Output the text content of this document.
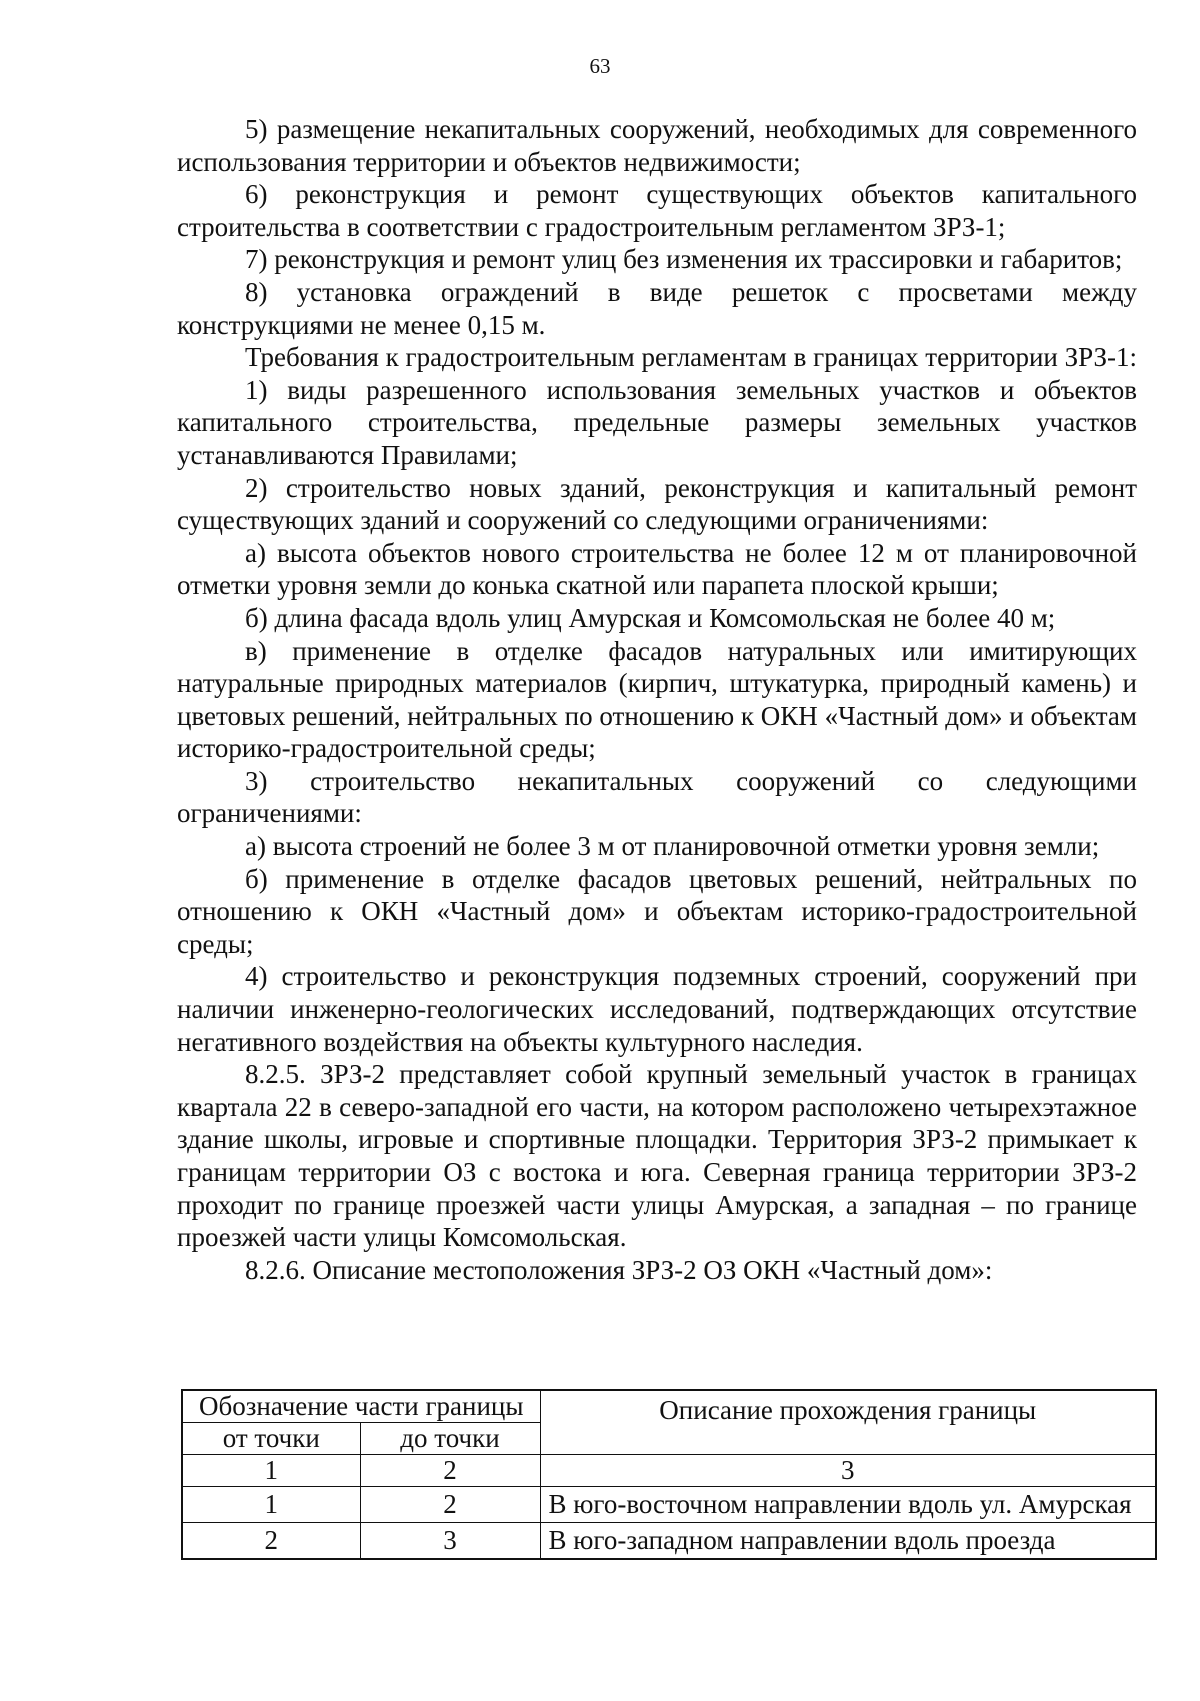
63

5) размещение некапитальных сооружений, необходимых для современного использования территории и объектов недвижимости;

6) реконструкция и ремонт существующих объектов капитального строительства в соответствии с градостроительным регламентом ЗРЗ-1;

7) реконструкция и ремонт улиц без изменения их трассировки и габаритов;

8) установка ограждений в виде решеток с просветами между конструкциями не менее 0,15 м.

Требования к градостроительным регламентам в границах территории ЗРЗ-1:

1) виды разрешенного использования земельных участков и объектов капитального строительства, предельные размеры земельных участков устанавливаются Правилами;

2) строительство новых зданий, реконструкция и капитальный ремонт существующих зданий и сооружений со следующими ограничениями:

а) высота объектов нового строительства не более 12 м от планировочной отметки уровня земли до конька скатной или парапета плоской крыши;

б) длина фасада вдоль улиц Амурская и Комсомольская не более 40 м;

в) применение в отделке фасадов натуральных или имитирующих натуральные природных материалов (кирпич, штукатурка, природный камень) и цветовых решений, нейтральных по отношению к ОКН «Частный дом» и объектам историко-градостроительной среды;

3) строительство некапитальных сооружений со следующими ограничениями:

а) высота строений не более 3 м от планировочной отметки уровня земли;

б) применение в отделке фасадов цветовых решений, нейтральных по отношению к ОКН «Частный дом» и объектам историко-градостроительной среды;

4) строительство и реконструкция подземных строений, сооружений при наличии инженерно-геологических исследований, подтверждающих отсутствие негативного воздействия на объекты культурного наследия.

8.2.5. ЗРЗ-2 представляет собой крупный земельный участок в границах квартала 22 в северо-западной его части, на котором расположено четырехэтажное здание школы, игровые и спортивные площадки. Территория ЗРЗ-2 примыкает к границам территории ОЗ с востока и юга. Северная граница территории ЗРЗ-2 проходит по границе проезжей части улицы Амурская, а западная – по границе проезжей части улицы Комсомольская.

8.2.6. Описание местоположения ЗРЗ-2 ОЗ ОКН «Частный дом»:

Обозначение части границы		Описание прохождения границы
от точки	до точки	
1	2	3
1	2	В юго-восточном направлении вдоль ул. Амурская
2	3	В юго-западном направлении вдоль проезда
